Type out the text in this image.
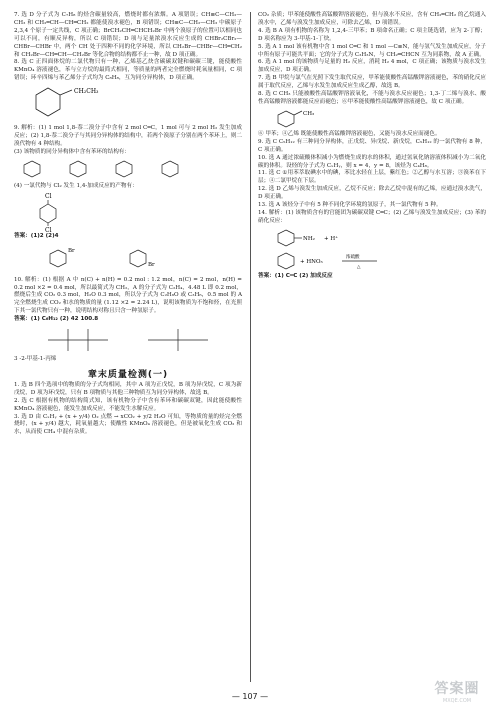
7. 选 D 分子式为 C₇H₈ 的烃含碳量较高，燃烧时都有浓烟。A 项错误；CH≡C—CH₂—CH₃ 和 CH₂═CH—CH═CH₂ 都能使溴水褪色，B 项错误；CH≡C—CH₂—CH₃ 中碳原子 2,3,4 个原子一定共线，C 项正确；BrCH₂CH═CHCH₂Br 中两个溴原子的位置可以相同也可以不同，有顺反异构，所以 C 项错误；D 项与足量浓溴水反应生成的 CHBr₂CBr₂—CHBr—CHBr 中，两个 CH 处于四种不同的化学环境，所以 CH₂Br—CHBr—CH═CH₂ 和 CH₂Br—CH═CH—CH₂Br 等化合物的结构都不止一种，故 D 项正确。

8. 选 C 正四面体烷的二氯代物只有一种，乙烯基乙炔含碳碳双键和碳碳三键，能使酸性 KMnO₄ 溶液褪色，苯与立方烷的最简式相同，等质量的两者完全燃烧时耗氧量相同，C 项错误；环辛四烯与苯乙烯分子式均为 C₈H₈，互为同分异构体，D 项正确。

CH₂CH₃

9. 解析：(1) 1 mol 1,8-萘二溴分子中含有 2 mol C═C，1 mol 可与 2 mol H₂ 发生加成反应；(2) 1,8-萘二溴分子与其同分异构体的结构中，若两个溴原子分别在两个苯环上，则二溴代物有 4 种结构。

(3) 该物质的同分异构体中含有苯环的结构有：

(4) 一氯代物与 Cl₂ 发生 1,4-加成反应的产物有：

Cl
Cl

答案：(1)2 (2)4

Br
Br

10. 解析：(1) 根据 A 中 n(C) + n(H) = 0.2 mol : 1.2 mol，n(C) = 2 mol，n(H) = 0.2 mol ×2 = 0.4 mol，所以最简式为 CH₂，A 的分子式为 C₂H₄，4.48 L 即 0.2 mol，燃烧后生成 CO₂ 0.3 mol，H₂O 0.3 mol，所以分子式为 C₂H₆O 或 C₃H₆，0.5 mol 的 A 完全燃烧生成 CO₂ 和水的物质的量 (1.12 ×2 = 2.24 L)，说明该物质为不饱和烃，在光照下其一氯代物只有一种，说明结构对称且只含一种氢原子。

答案：(1) C₆H₁₂ (2) 42 100.8

3 -2-甲基-1-丙烯

章末质量检测(一)

1. 选 B 四个选项中的物质的分子式均相同，其中 A 项为正戊烷，B 项为异戊烷，C 项为新戊烷，D 项为环戊烷，只有 B 项物质与其他三种物质互为同分异构体，故选 B。

2. 选 C 根据有机物的结构简式知，该有机物分子中含有苯环和碳碳双键，因此能使酸性 KMnO₄ 溶液褪色，能发生加成反应，不能发生水解反应。

3. 选 D 由 CₓHᵧ + (x + y/4) O₂ 点燃 → xCO₂ + y/2 H₂O 可知，等物质的量的烃完全燃烧时，(x + y/4) 越大，耗氧量越大；使酸性 KMnO₄ 溶液褪色，但是被氧化生成 CO₂ 和水，从而使 CH₄ 中混有杂质。

CO₂ 杂质；甲苯能使酸性高锰酸钾溶液褪色，但与溴水不反应，含有 CH₂═CH₂ 的乙烷通入溴水中，乙烯与溴发生加成反应，可除去乙烯，D 项错误。

4. 选 B A 项有机物的名称为 1,2,4-三甲苯；B 项命名正确；C 项主链选错，应为 2-丁醇；D 项名称应为 3-甲基-1-丁炔。

5. 选 A 1 mol 该有机物中含 1 mol C═C 和 1 mol —C≡N，能与氢气发生加成反应，分子中所有原子可能共平面；它的分子式为 C₃H₃N，与 CH₂═CHCN 互为同系物，故 A 正确。

6. 选 A 1 mol 的该物质与足量的 H₂ 反应，消耗 H₂ 4 mol，C 项正确；该物质与溴水发生加成反应，D 项正确。

7. 选 B 甲烷与氯气在光照下发生取代反应，甲苯能使酸性高锰酸钾溶液褪色，苯的硝化反应属于取代反应，乙烯与水发生加成反应生成乙醇，故选 B。

8. 选 C CH₃ 只能被酸性高锰酸钾溶液氧化，不能与溴水反应褪色；1,3-丁二烯与溴水、酸性高锰酸钾溶液都能反应而褪色；⑥甲苯能使酸性高锰酸钾溶液褪色，故 C 项正确。

CH₃

⑥ 甲苯；④乙烯 既能使酸性高锰酸钾溶液褪色，又能与溴水反应而褪色。

9. 选 C C₅H₁₂ 有三种同分异构体，正戊烷、异戊烷、新戊烷，C₅H₁₂ 的一氯代物有 8 种，C 项正确。

10. 选 A 通过浓硫酸体积减小为燃烧生成的水的体积，通过氢氧化钠溶液体积减小为二氧化碳的体积。设烃的分子式为 CₓHᵧ，则 x = 4，y = 8，该烃为 C₄H₈。

11. 选 C ①用苯萃取碘水中的碘，苯比水轻在上层，紫红色；②乙醇与水互溶；③溴苯在下层；④二氯甲烷在下层。

12. 选 D 乙烯与溴发生加成反应，乙烷不反应；除去乙烷中混有的乙烯，应通过溴水洗气，D 项正确。

13. 选 A 该烃分子中有 5 种不同化学环境的氢原子，其一氯代物有 5 种。

14. 解析：(1) 该物质含有的官能团为碳碳双键 C═C；(2) 乙烯与溴发生加成反应；(3) 苯的硝化反应：

NH₂ + H⁺
+ HNO₃
浓硫酸
△

答案：(1) C═C (2) 加成反应

— 107 —	答案圈
MXQE.COM
